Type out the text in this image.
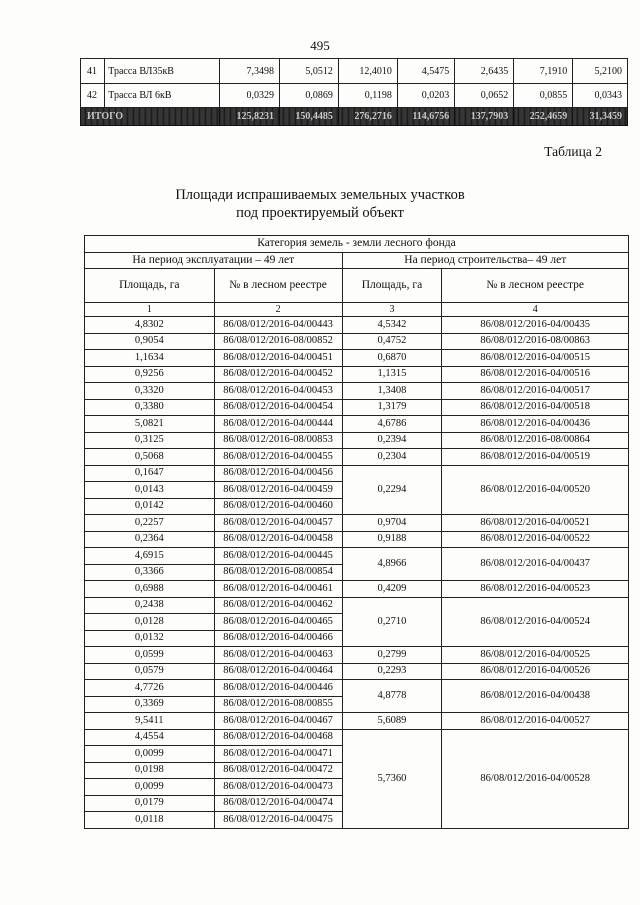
495
41	Трасса ВЛ35кВ	7,3498	5,0512	12,4010	4,5475	2,6435	7,1910	5,2100
42	Трасса ВЛ 6кВ	0,0329	0,0869	0,1198	0,0203	0,0652	0,0855	0,0343
ИТОГО		125,8231	150,4485	276,2716	114,6756	137,7903	252,4659	31,3459
Таблица 2
Площади испрашиваемых земельных участков
под проектируемый объект
Категория земель - земли лесного фонда			
На период эксплуатации – 49 лет		На период строительства– 49 лет	
Площадь, га	№ в лесном реестре	Площадь, га	№ в лесном реестре
1	2	3	4
4,8302	86/08/012/2016-04/00443	4,5342	86/08/012/2016-04/00435
0,9054	86/08/012/2016-08/00852	0,4752	86/08/012/2016-08/00863
1,1634	86/08/012/2016-04/00451	0,6870	86/08/012/2016-04/00515
0,9256	86/08/012/2016-04/00452	1,1315	86/08/012/2016-04/00516
0,3320	86/08/012/2016-04/00453	1,3408	86/08/012/2016-04/00517
0,3380	86/08/012/2016-04/00454	1,3179	86/08/012/2016-04/00518
5,0821	86/08/012/2016-04/00444	4,6786	86/08/012/2016-04/00436
0,3125	86/08/012/2016-08/00853	0,2394	86/08/012/2016-08/00864
0,5068	86/08/012/2016-04/00455	0,2304	86/08/012/2016-04/00519
0,1647	86/08/012/2016-04/00456	0,2294	86/08/012/2016-04/00520
0,0143	86/08/012/2016-04/00459		
0,0142	86/08/012/2016-04/00460		
0,2257	86/08/012/2016-04/00457	0,9704	86/08/012/2016-04/00521
0,2364	86/08/012/2016-04/00458	0,9188	86/08/012/2016-04/00522
4,6915	86/08/012/2016-04/00445	4,8966	86/08/012/2016-04/00437
0,3366	86/08/012/2016-08/00854		
0,6988	86/08/012/2016-04/00461	0,4209	86/08/012/2016-04/00523
0,2438	86/08/012/2016-04/00462	0,2710	86/08/012/2016-04/00524
0,0128	86/08/012/2016-04/00465		
0,0132	86/08/012/2016-04/00466		
0,0599	86/08/012/2016-04/00463	0,2799	86/08/012/2016-04/00525
0,0579	86/08/012/2016-04/00464	0,2293	86/08/012/2016-04/00526
4,7726	86/08/012/2016-04/00446	4,8778	86/08/012/2016-04/00438
0,3369	86/08/012/2016-08/00855		
9,5411	86/08/012/2016-04/00467	5,6089	86/08/012/2016-04/00527
4,4554	86/08/012/2016-04/00468	5,7360	86/08/012/2016-04/00528
0,0099	86/08/012/2016-04/00471		
0,0198	86/08/012/2016-04/00472		
0,0099	86/08/012/2016-04/00473		
0,0179	86/08/012/2016-04/00474		
0,0118	86/08/012/2016-04/00475		
